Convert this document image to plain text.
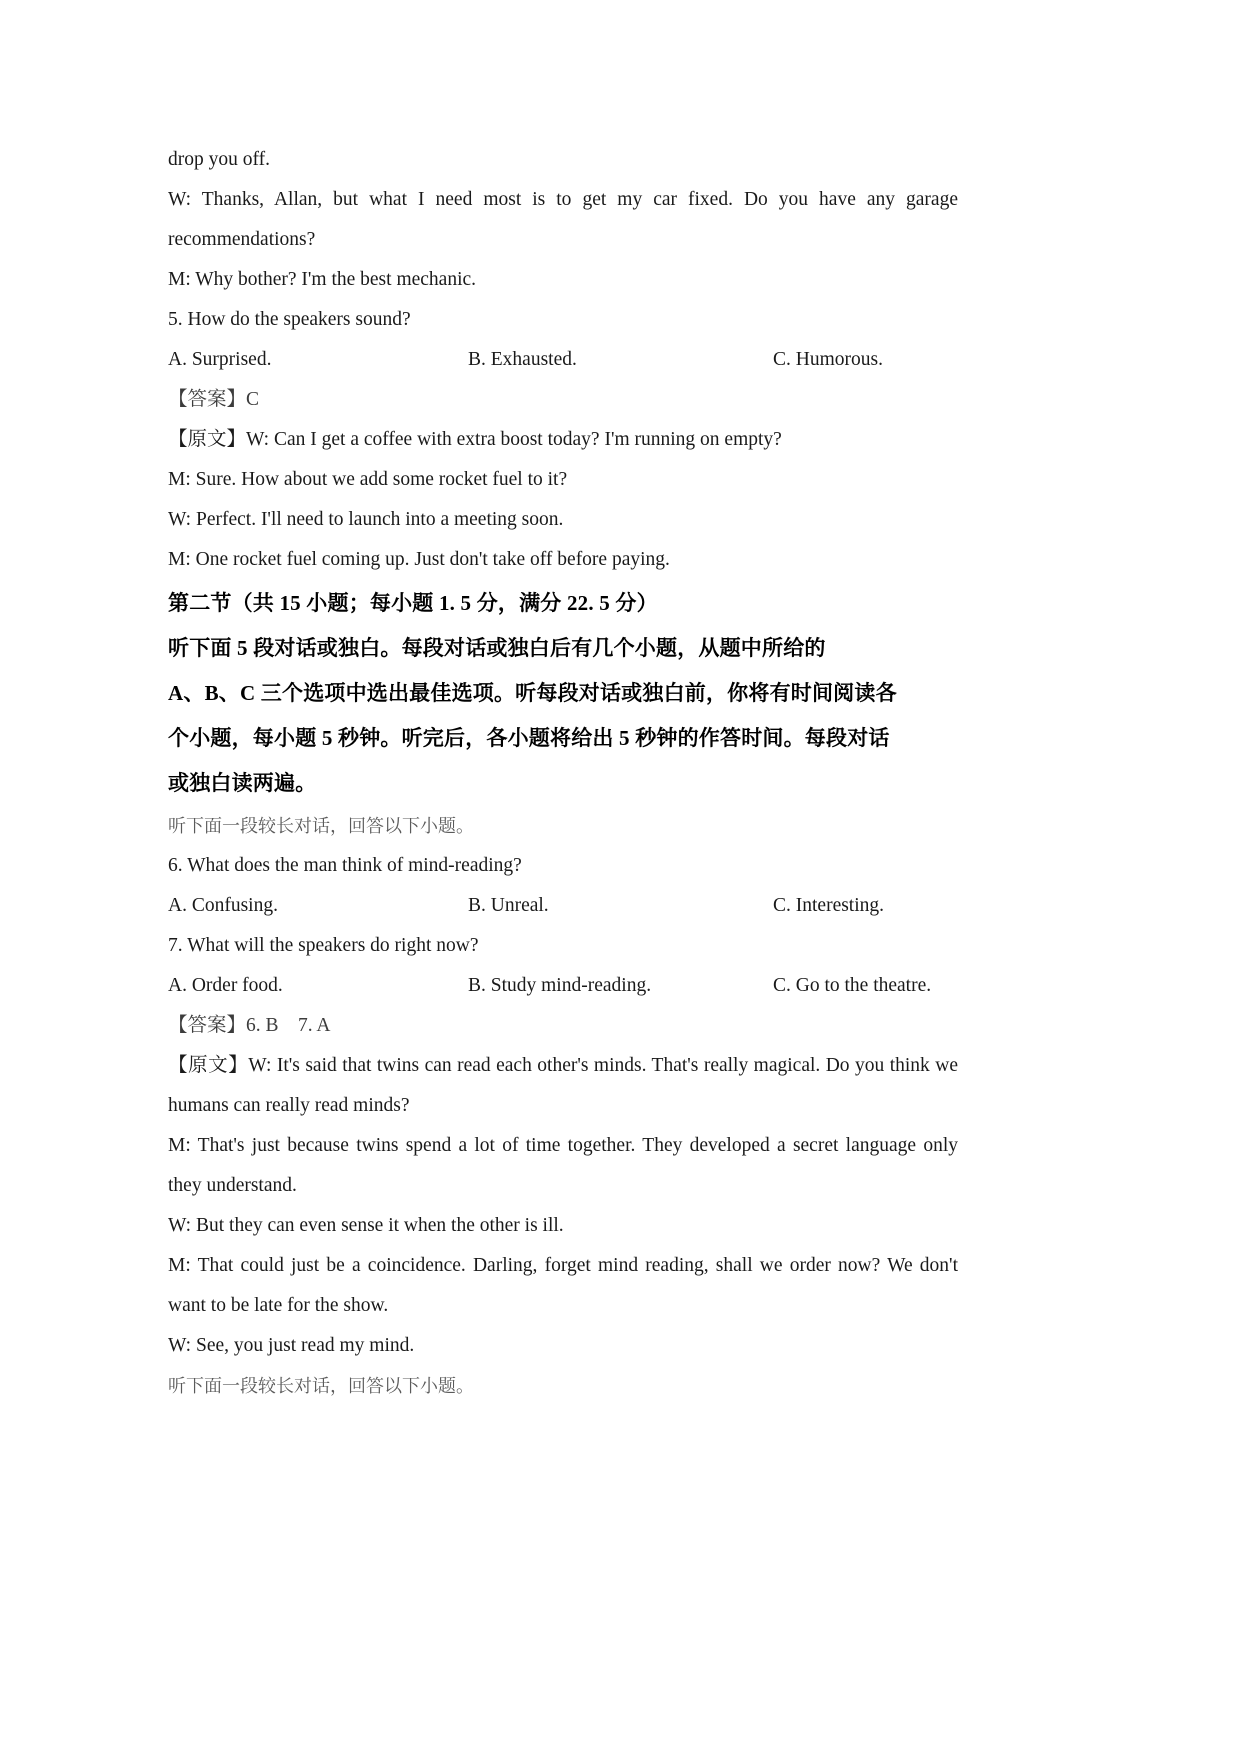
drop you off.

W: Thanks, Allan, but what I need most is to get my car fixed. Do you have any garage recommendations?

M: Why bother? I'm the best mechanic.

5. How do the speakers sound?

A. Surprised.	B. Exhausted.	C. Humorous.

【答案】C

【原文】W: Can I get a coffee with extra boost today? I'm running on empty?

M: Sure. How about we add some rocket fuel to it?

W: Perfect. I'll need to launch into a meeting soon.

M: One rocket fuel coming up. Just don't take off before paying.

第二节（共 15 小题；每小题 1. 5 分，满分 22. 5 分）

听下面 5 段对话或独白。每段对话或独白后有几个小题，从题中所给的

A、B、C 三个选项中选出最佳选项。听每段对话或独白前，你将有时间阅读各

个小题，每小题 5 秒钟。听完后，各小题将给出 5 秒钟的作答时间。每段对话

或独白读两遍。

听下面一段较长对话，回答以下小题。

6. What does the man think of mind-reading?

A. Confusing.	B. Unreal.	C. Interesting.

7. What will the speakers do right now?

A. Order food.	B. Study mind-reading.	C. Go to the theatre.

【答案】6. B    7. A

【原文】W: It's said that twins can read each other's minds. That's really magical. Do you think we humans can really read minds?

M: That's just because twins spend a lot of time together. They developed a secret language only they understand.

W: But they can even sense it when the other is ill.

M: That could just be a coincidence. Darling, forget mind reading, shall we order now? We don't want to be late for the show.

W: See, you just read my mind.

听下面一段较长对话，回答以下小题。
